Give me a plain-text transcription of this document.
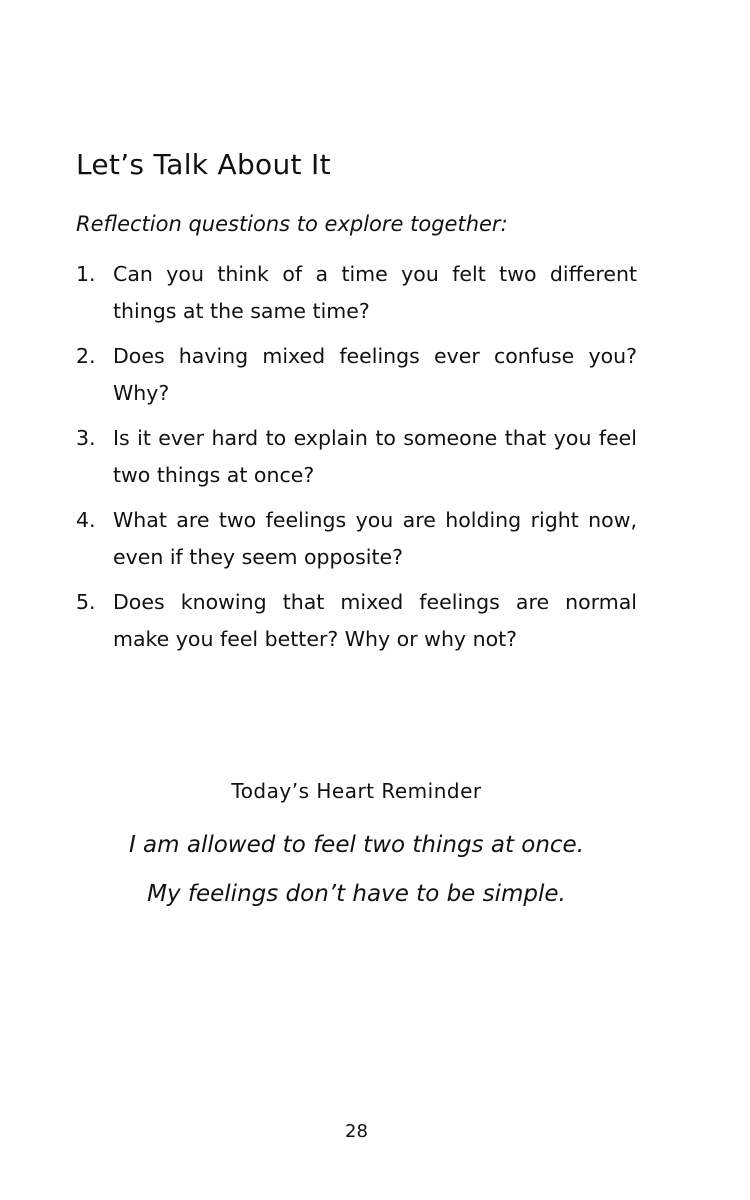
Let’s Talk About It

Reflection questions to explore together:

1. Can you think of a time you felt two different things at the same time?
2. Does having mixed feelings ever confuse you? Why?
3. Is it ever hard to explain to someone that you feel two things at once?
4. What are two feelings you are holding right now, even if they seem opposite?
5. Does knowing that mixed feelings are normal make you feel better? Why or why not?
Today’s Heart Reminder
I am allowed to feel two things at once.
My feelings don’t have to be simple.
28
